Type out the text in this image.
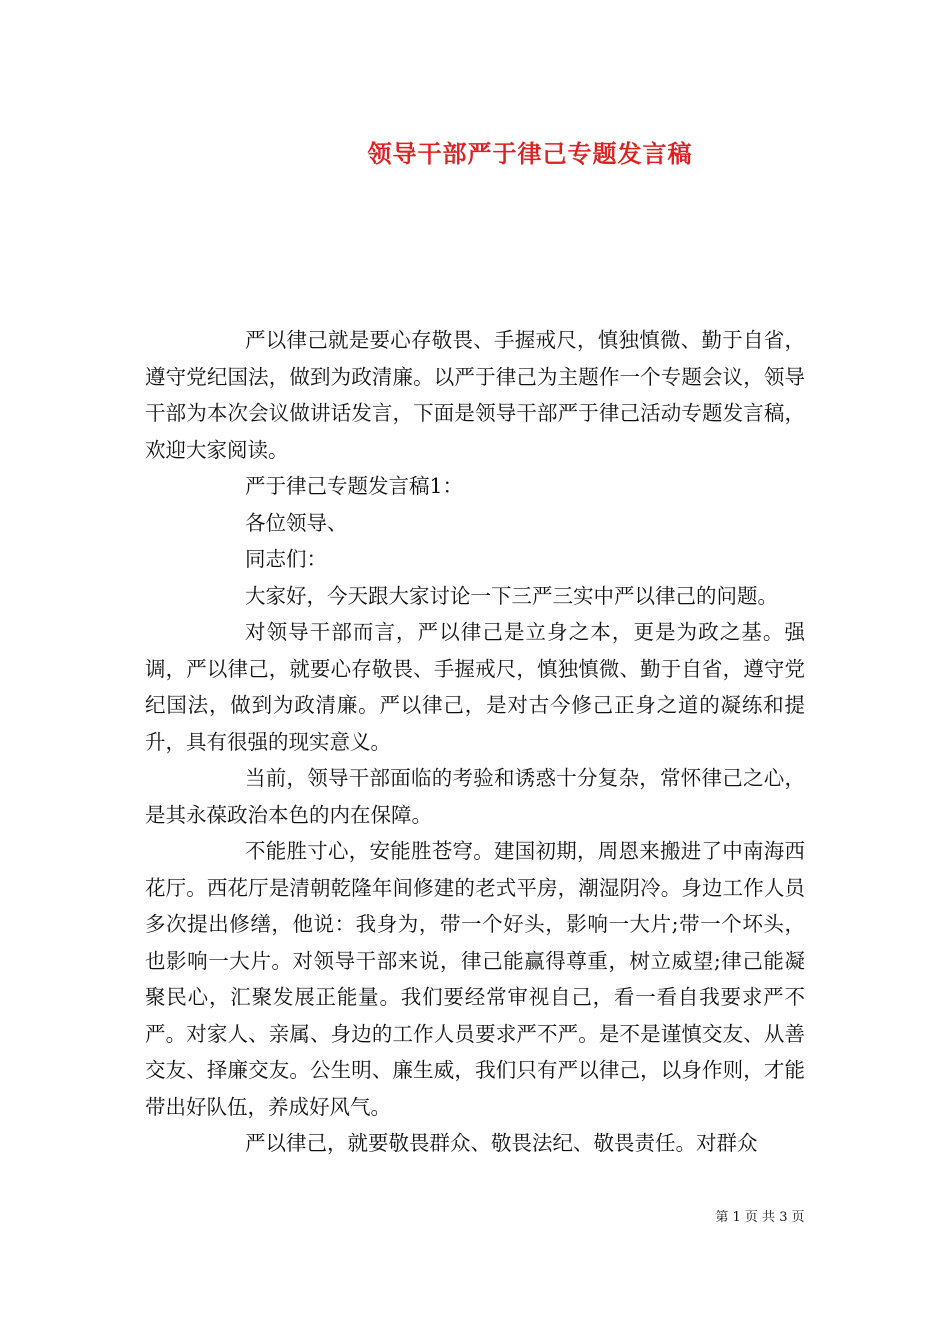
领导干部严于律己专题发言稿

严以律己就是要心存敬畏、手握戒尺，慎独慎微、勤于自省，遵守党纪国法，做到为政清廉。以严于律己为主题作一个专题会议，领导干部为本次会议做讲话发言，下面是领导干部严于律己活动专题发言稿，欢迎大家阅读。

严于律己专题发言稿1：

各位领导、

同志们：

大家好，今天跟大家讨论一下三严三实中严以律己的问题。

对领导干部而言，严以律己是立身之本，更是为政之基。强调，严以律己，就要心存敬畏、手握戒尺，慎独慎微、勤于自省，遵守党纪国法，做到为政清廉。严以律己，是对古今修己正身之道的凝练和提升，具有很强的现实意义。

当前，领导干部面临的考验和诱惑十分复杂，常怀律己之心，是其永葆政治本色的内在保障。

不能胜寸心，安能胜苍穹。建国初期，周恩来搬进了中南海西花厅。西花厅是清朝乾隆年间修建的老式平房，潮湿阴冷。身边工作人员多次提出修缮，他说：我身为，带一个好头，影响一大片;带一个坏头，也影响一大片。对领导干部来说，律己能赢得尊重，树立威望;律己能凝聚民心，汇聚发展正能量。我们要经常审视自己，看一看自我要求严不严。对家人、亲属、身边的工作人员要求严不严。是不是谨慎交友、从善交友、择廉交友。公生明、廉生威，我们只有严以律己，以身作则，才能带出好队伍，养成好风气。

严以律己，就要敬畏群众、敬畏法纪、敬畏责任。对群众

第 1 页 共 3 页
